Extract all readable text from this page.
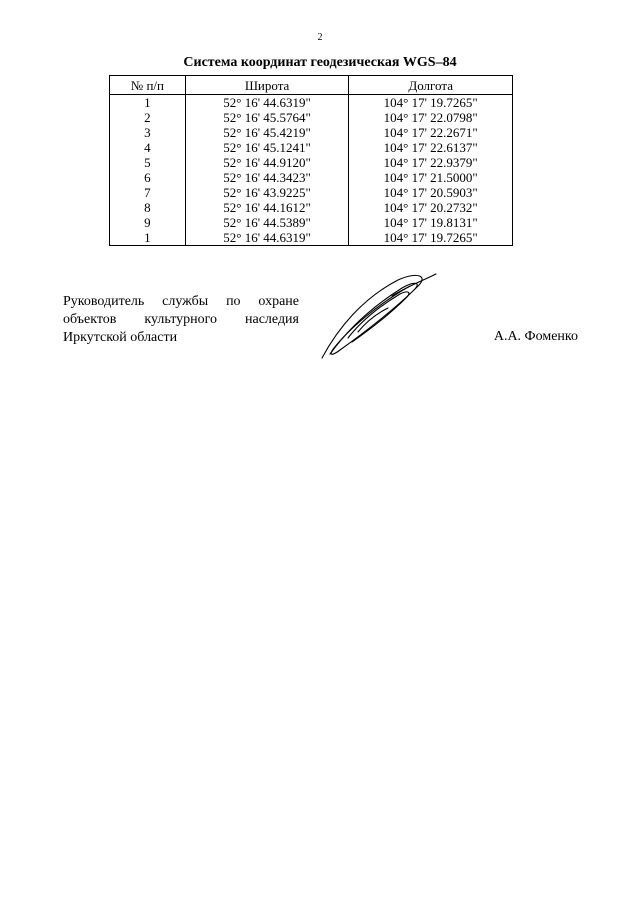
2
Система координат геодезическая WGS–84
№ п/п	Широта	Долгота
1	52° 16' 44.6319"	104° 17' 19.7265"
2	52° 16' 45.5764"	104° 17' 22.0798"
3	52° 16' 45.4219"	104° 17' 22.2671"
4	52° 16' 45.1241"	104° 17' 22.6137"
5	52° 16' 44.9120"	104° 17' 22.9379"
6	52° 16' 44.3423"	104° 17' 21.5000"
7	52° 16' 43.9225"	104° 17' 20.5903"
8	52° 16' 44.1612"	104° 17' 20.2732"
9	52° 16' 44.5389"	104° 17' 19.8131"
1	52° 16' 44.6319"	104° 17' 19.7265"
Руководитель службы по охране
объектов культурного наследия
Иркутской области	А.А. Фоменко
